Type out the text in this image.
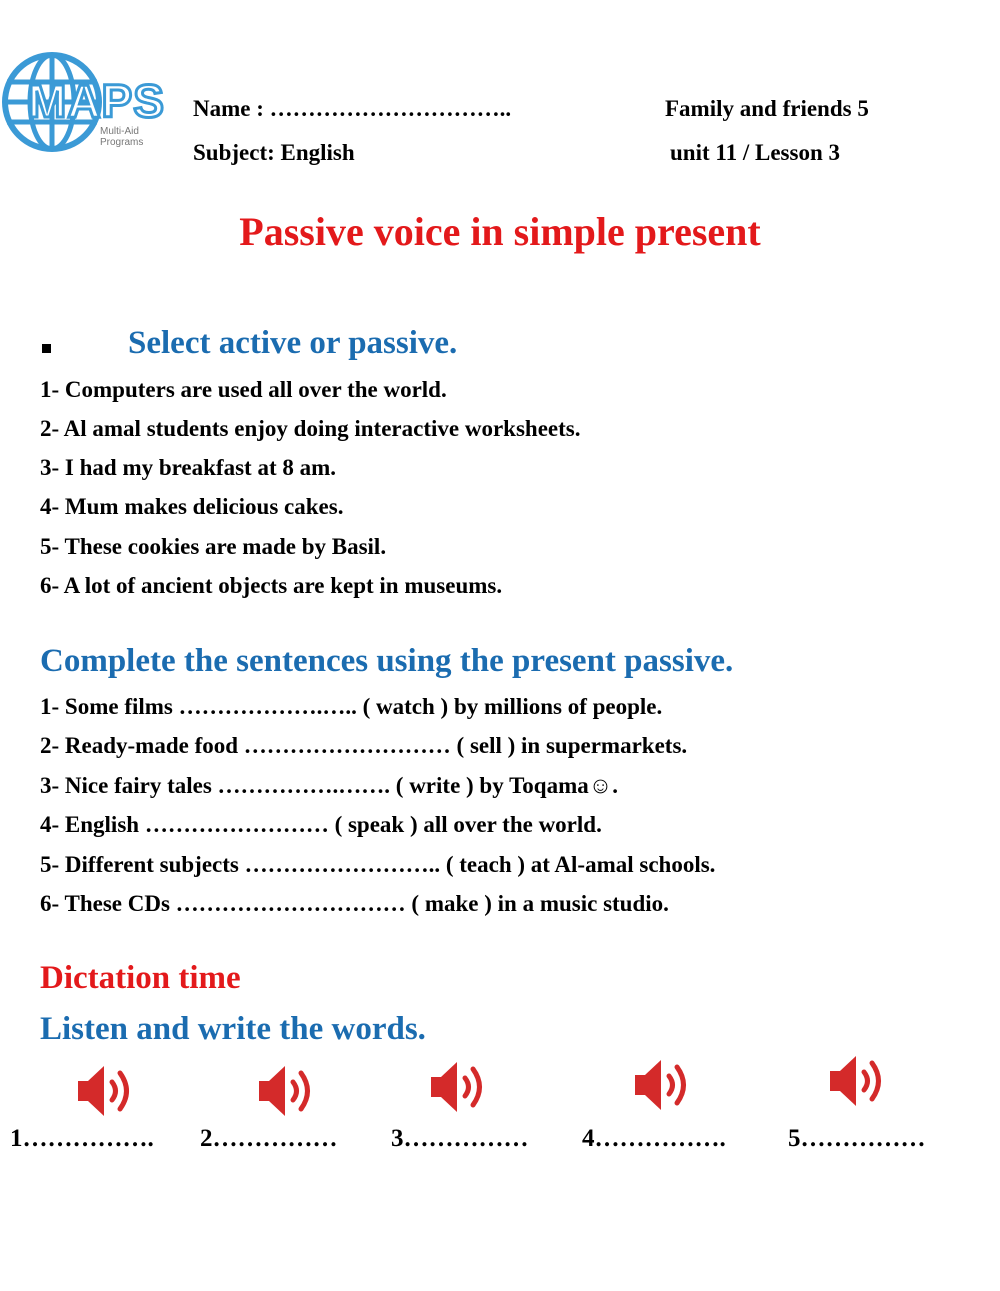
MAPS
Multi-Aid Programs
Name : …………………………..	Family and friends 5
Subject: English	unit 11 / Lesson 3
Passive voice in simple present
Select active or passive.
1- Computers are used all over the world.
2- Al amal students enjoy doing interactive worksheets.
3- I had my breakfast at 8 am.
4- Mum makes delicious cakes.
5- These cookies are made by Basil.
6- A lot of ancient objects are kept in museums.
Complete the sentences using the present passive.
1- Some films ……………….….. ( watch ) by millions of people.
2- Ready-made food ……………………… ( sell ) in supermarkets.
3- Nice fairy tales …………….……. ( write ) by Toqama☺.
4- English …………………… ( speak ) all over the world.
5- Different subjects …………………….. ( teach ) at Al-amal schools.
6- These CDs ………………………… ( make ) in a music studio.
Dictation time
Listen and write the words.
1……………. 2…………… 3…………… 4……………. 5……………
